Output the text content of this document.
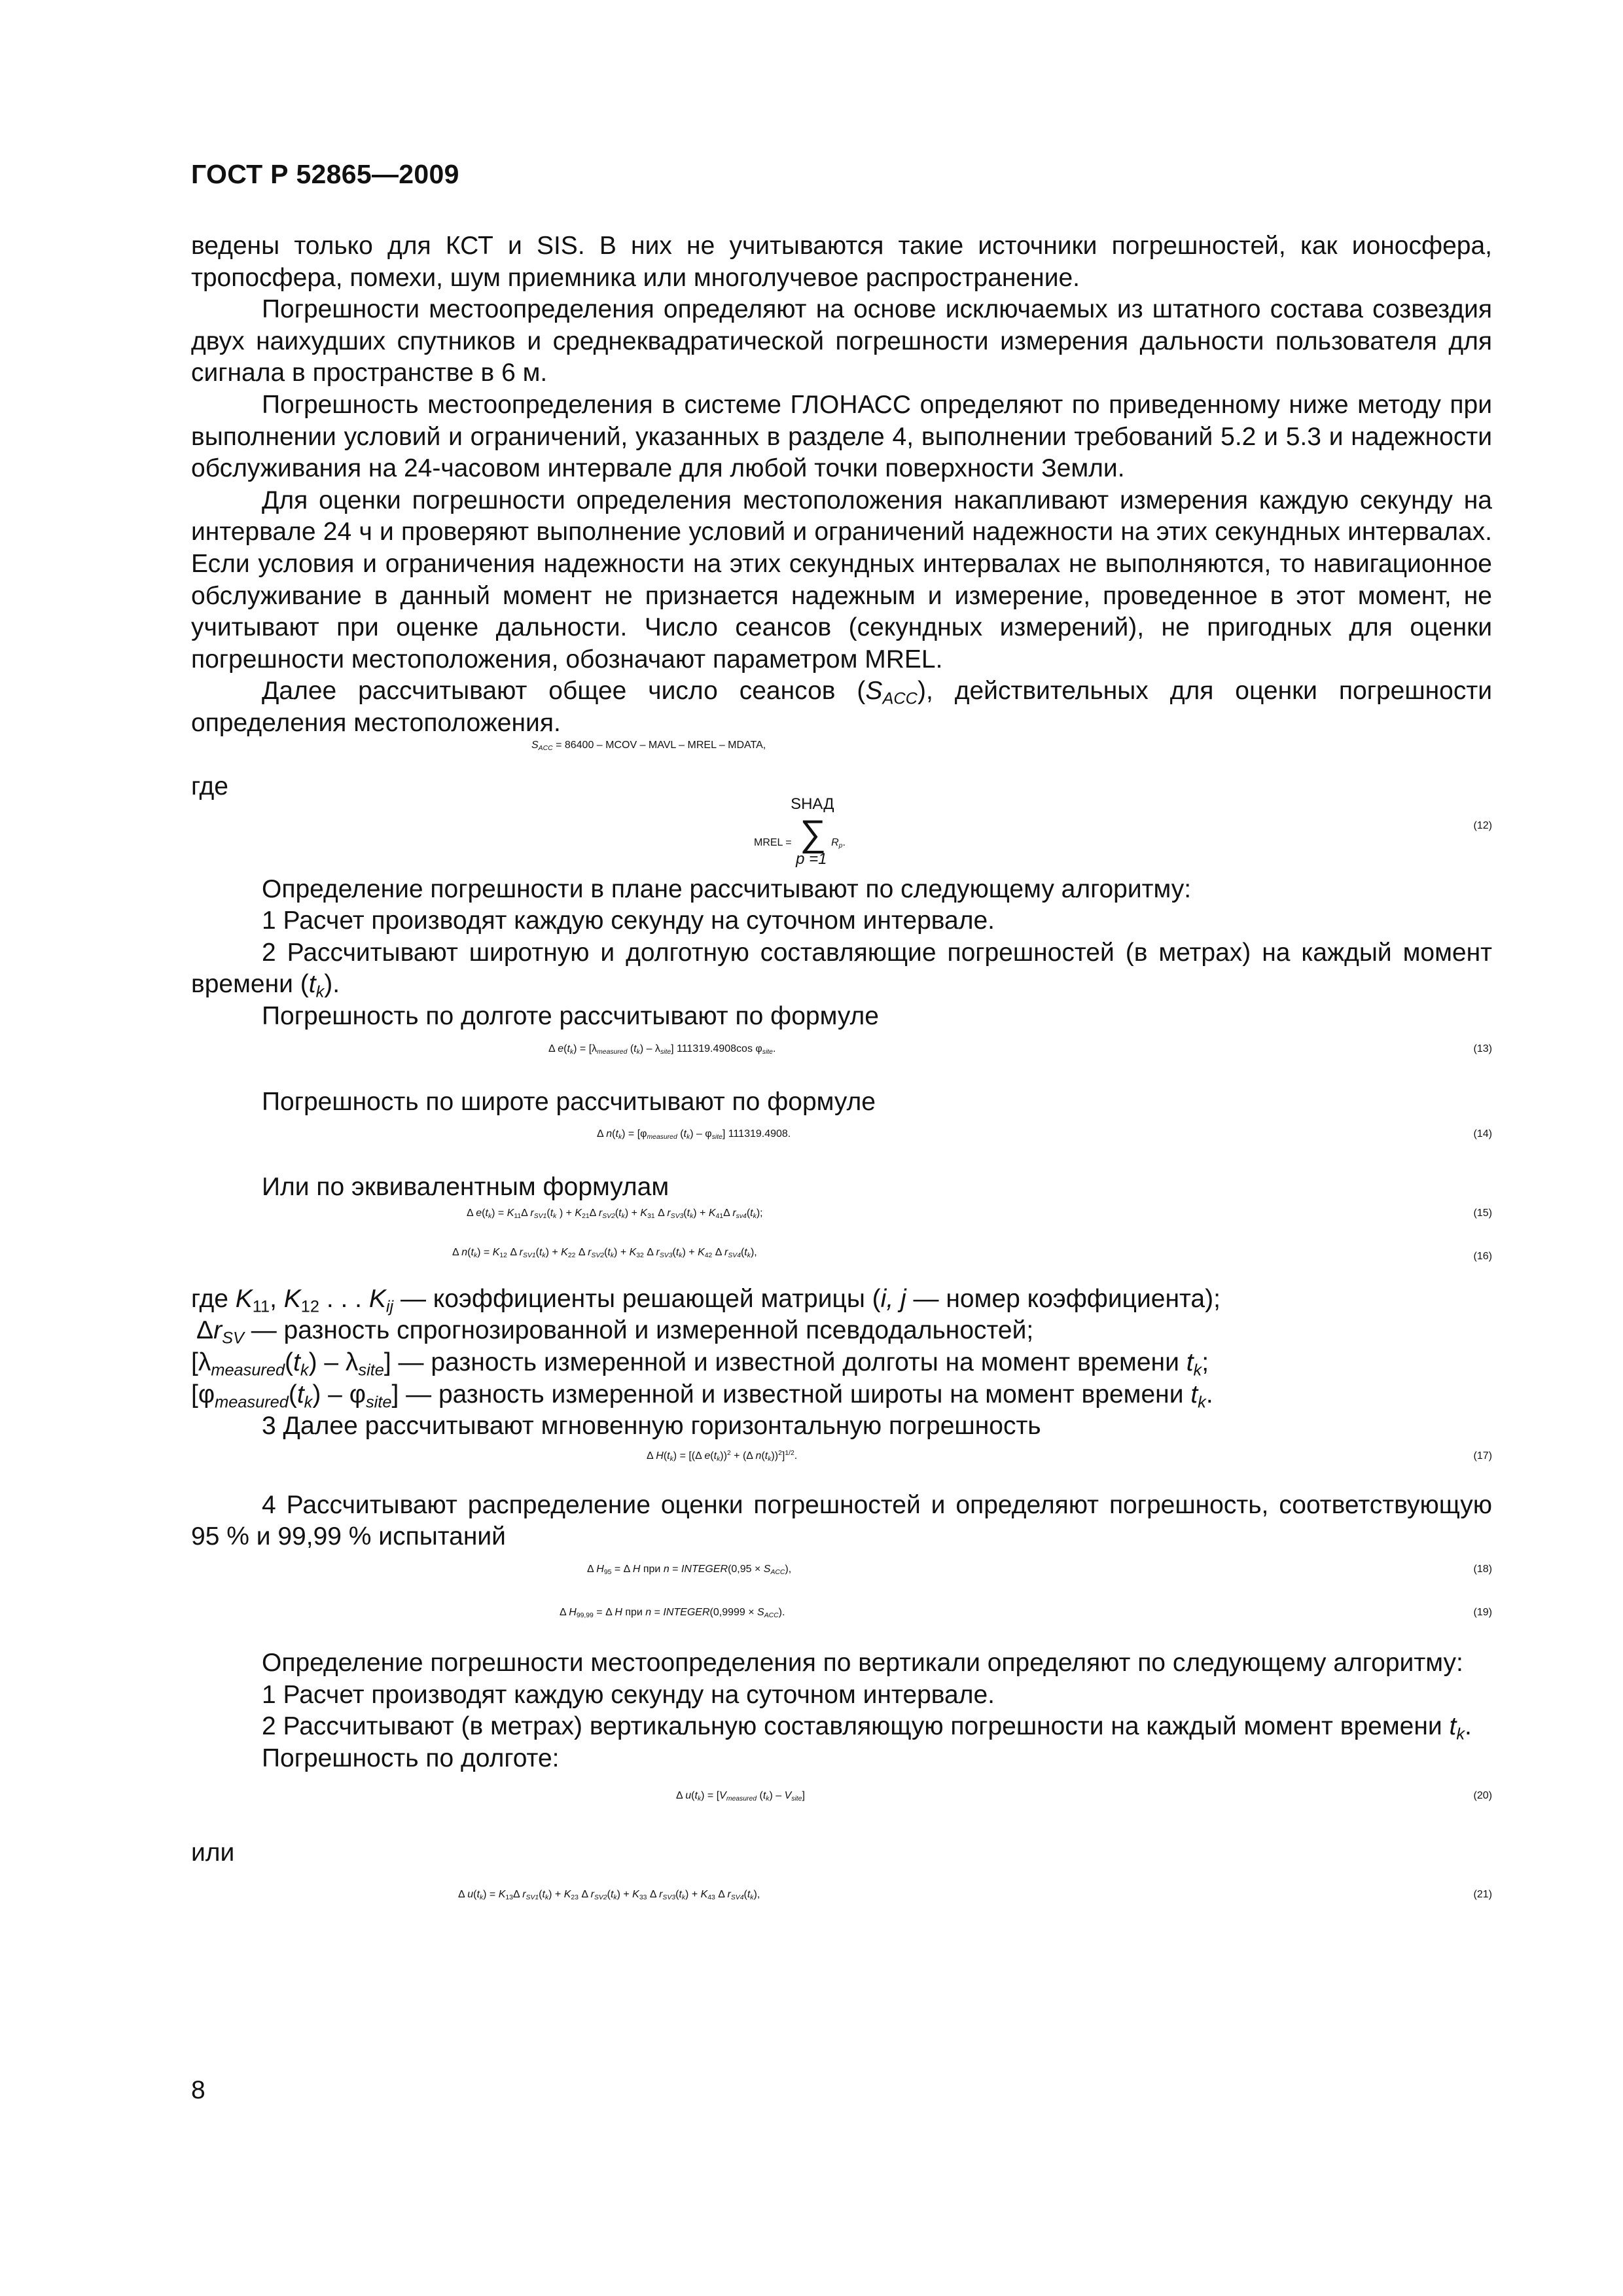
ГОСТ Р 52865—2009

ведены только для КСТ и SIS. В них не учитываются такие источники погрешностей, как ионосфера, тропосфера, помехи, шум приемника или многолучевое распространение.

Погрешности местоопределения определяют на основе исключаемых из штатного состава созвездия двух наихудших спутников и среднеквадратической погрешности измерения дальности пользователя для сигнала в пространстве в 6 м.

Погрешность местоопределения в системе ГЛОНАСС определяют по приведенному ниже методу при выполнении условий и ограничений, указанных в разделе 4, выполнении требований 5.2 и 5.3 и надежности обслуживания на 24-часовом интервале для любой точки поверхности Земли.

Для оценки погрешности определения местоположения накапливают измерения каждую секунду на интервале 24 ч и проверяют выполнение условий и ограничений надежности на этих секундных интервалах. Если условия и ограничения надежности на этих секундных интервалах не выполняются, то навигационное обслуживание в данный момент не признается надежным и измерение, проведенное в этот момент, не учитывают при оценке дальности. Число сеансов (секундных измерений), не пригодных для оценки погрешности местоположения, обозначают параметром MREL.

Далее рассчитывают общее число сеансов $(S_{ACC})$, действительных для оценки погрешности определения местоположения.

$S_{ACC} = 86400$ – MCOV – MAVL – MREL – MDATA,

где

MREL =
SНАД
∑
p =1
$R_p$.
(12)

Определение погрешности в плане рассчитывают по следующему алгоритму:

1 Расчет производят каждую секунду на суточном интервале.

2 Рассчитывают широтную и долготную составляющие погрешностей (в метрах) на каждый момент времени $(t_k)$.

Погрешность по долготе рассчитывают по формуле

Δ $e(t_k) = [\lambda_{measured}$ $(t_k) - \lambda_{site}$] 111319.4908cos $\varphi_{site}$.	(13)

Погрешность по широте рассчитывают по формуле

Δ $n(t_k) = [\varphi_{measured}$ $(t_k) - \varphi_{site}$] 111319.4908.	(14)

Или по эквивалентным формулам

Δ $e(t_k) = K_{11}\Delta$ $r_{SV1}(t_k$ ) + $K_{21}\Delta$ $r_{SV2}(t_k) + K_{31}$ Δ $r_{SV3}(t_k) + K_{41}\Delta$ $r_{sv4}(t_k)$;	(15)
Δ $n(t_k) = K_{12}$ Δ $r_{SV1}(t_k) + K_{22}$ Δ $r_{SV2}(t_k) + K_{32}$ Δ $r_{SV3}(t_k) + K_{42}$ Δ $r_{SV4}(t_k)$,	(16)

где $K_{11}$, $K_{12}$ . . . $K_{ij}$ — коэффициенты решающей матрицы (i, j — номер коэффициента);

$\Delta r_{SV}$ — разность спрогнозированной и измеренной псевдодальностей;

$[\lambda_{measured}(t_k) - \lambda_{site}]$ — разность измеренной и известной долготы на момент времени $t_k$;

$[\varphi_{measured}(t_k) - \varphi_{site}]$ — разность измеренной и известной широты на момент времени $t_k$.

3 Далее рассчитывают мгновенную горизонтальную погрешность

Δ $H(t_k) = [(\Delta$ $e(t_k))^2 + (\Delta$ $n(t_k))^2]^{1/2}$.	(17)

4 Рассчитывают распределение оценки погрешностей и определяют погрешность, соответствующую 95 % и 99,99 % испытаний

Δ $H_{95} = \Delta$ H при n = INTEGER(0,95 × $S_{ACC}$),	(18)
Δ $H_{99,99} = \Delta$ H при n = INTEGER(0,9999 × $S_{ACC}$).	(19)

Определение погрешности местоопределения по вертикали определяют по следующему алгоритму:

1 Расчет производят каждую секунду на суточном интервале.

2 Рассчитывают (в метрах) вертикальную составляющую погрешности на каждый момент времени $t_k$.

Погрешность по долготе:

Δ $u(t_k) = [V_{measured}$ $(t_k) - V_{site}$]	(20)

или

Δ $u(t_k) = K_{13}\Delta$ $r_{SV1}(t_k) + K_{23}$ Δ $r_{SV2}(t_k) + K_{33}$ Δ $r_{SV3}(t_k) + K_{43}$ Δ $r_{SV4}(t_k)$,	(21)
8
